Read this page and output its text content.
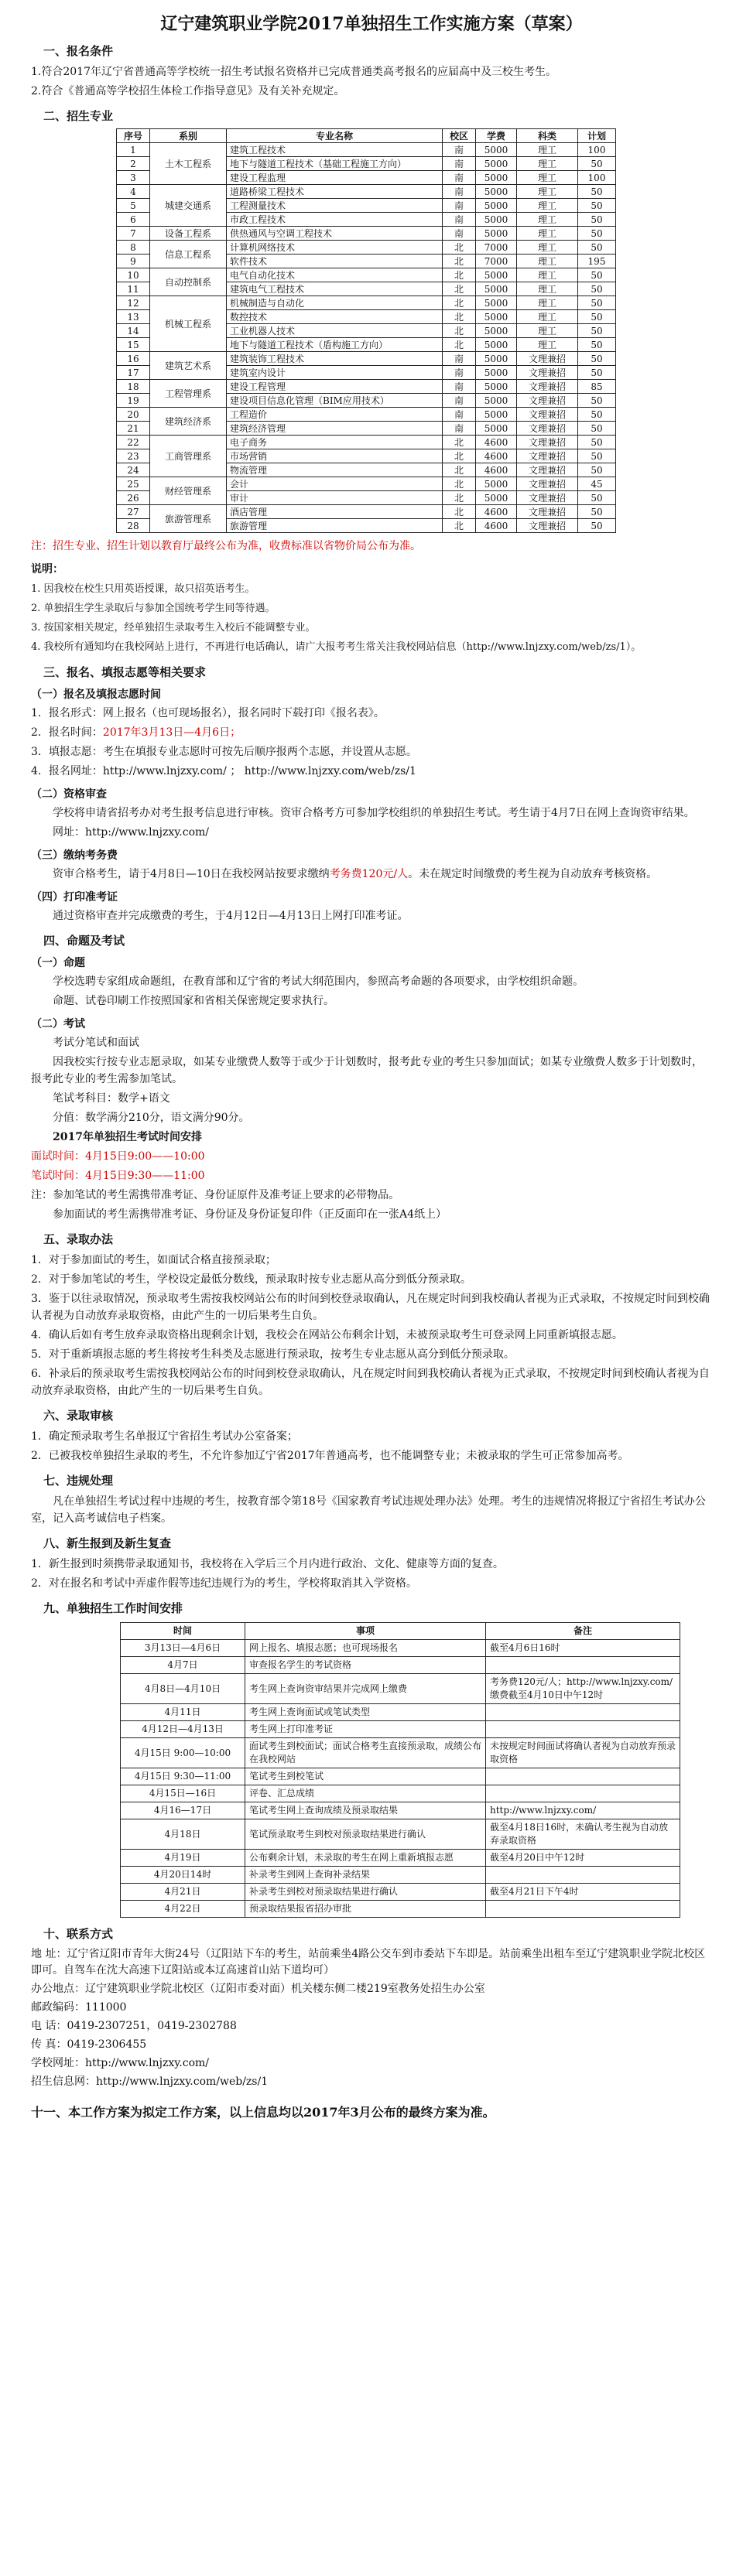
辽宁建筑职业学院2017单独招生工作实施方案（草案）
一、报名条件

1.符合2017年辽宁省普通高等学校统一招生考试报名资格并已完成普通类高考报名的应届高中及三校生考生。

2.符合《普通高等学校招生体检工作指导意见》及有关补充规定。

二、招生专业
序号	系别	专业名称	校区	学费	科类	计划
1	土木工程系	建筑工程技术	南	5000	理工	100
2		地下与隧道工程技术（基础工程施工方向）	南	5000	理工	50
3		建设工程监理	南	5000	理工	100
4	城建交通系	道路桥梁工程技术	南	5000	理工	50
5		工程测量技术	南	5000	理工	50
6		市政工程技术	南	5000	理工	50
7	设备工程系	供热通风与空调工程技术	南	5000	理工	50
8	信息工程系	计算机网络技术	北	7000	理工	50
9		软件技术	北	7000	理工	195
10	自动控制系	电气自动化技术	北	5000	理工	50
11		建筑电气工程技术	北	5000	理工	50
12	机械工程系	机械制造与自动化	北	5000	理工	50
13		数控技术	北	5000	理工	50
14		工业机器人技术	北	5000	理工	50
15		地下与隧道工程技术（盾构施工方向）	北	5000	理工	50
16	建筑艺术系	建筑装饰工程技术	南	5000	文理兼招	50
17		建筑室内设计	南	5000	文理兼招	50
18	工程管理系	建设工程管理	南	5000	文理兼招	85
19		建设项目信息化管理（BIM应用技术）	南	5000	文理兼招	50
20	建筑经济系	工程造价	南	5000	文理兼招	50
21		建筑经济管理	南	5000	文理兼招	50
22	工商管理系	电子商务	北	4600	文理兼招	50
23		市场营销	北	4600	文理兼招	50
24		物流管理	北	4600	文理兼招	50
25	财经管理系	会计	北	5000	文理兼招	45
26		审计	北	5000	文理兼招	50
27	旅游管理系	酒店管理	北	4600	文理兼招	50
28		旅游管理	北	4600	文理兼招	50

注：招生专业、招生计划以教育厅最终公布为准，收费标准以省物价局公布为准。

说明：

1. 因我校在校生只用英语授课，故只招英语考生。

2. 单独招生学生录取后与参加全国统考学生同等待遇。

3. 按国家相关规定，经单独招生录取考生入校后不能调整专业。

4. 我校所有通知均在我校网站上进行，不再进行电话确认，请广大报考考生常关注我校网站信息（http://www.lnjzxy.com/web/zs/1）。

三、报名、填报志愿等相关要求
（一）报名及填报志愿时间

1．报名形式：网上报名（也可现场报名），报名同时下载打印《报名表》。

2．报名时间：2017年3月13日—4月6日；

3．填报志愿：考生在填报专业志愿时可按先后顺序报两个志愿，并设置从志愿。

4．报名网址：http://www.lnjzxy.com/ ； http://www.lnjzxy.com/web/zs/1

（二）资格审查

学校将申请省招考办对考生报考信息进行审核。资审合格考方可参加学校组织的单独招生考试。考生请于4月7日在网上查询资审结果。

网址：http://www.lnjzxy.com/

（三）缴纳考务费

资审合格考生，请于4月8日—10日在我校网站按要求缴纳考务费120元/人。未在规定时间缴费的考生视为自动放弃考核资格。

（四）打印准考证

通过资格审查并完成缴费的考生，于4月12日—4月13日上网打印准考证。

四、命题及考试
（一）命题

学校选聘专家组成命题组，在教育部和辽宁省的考试大纲范围内，参照高考命题的各项要求，由学校组织命题。

命题、试卷印刷工作按照国家和省相关保密规定要求执行。

（二）考试

考试分笔试和面试

因我校实行按专业志愿录取，如某专业缴费人数等于或少于计划数时，报考此专业的考生只参加面试；如某专业缴费人数多于计划数时，报考此专业的考生需参加笔试。

笔试考科目：数学+语文

分值：数学满分210分，语文满分90分。

2017年单独招生考试时间安排

面试时间：4月15日9:00——10:00

笔试时间：4月15日9:30——11:00

注：参加笔试的考生需携带准考证、身份证原件及准考证上要求的必带物品。

参加面试的考生需携带准考证、身份证及身份证复印件（正反面印在一张A4纸上）

五、录取办法

1．对于参加面试的考生，如面试合格直接预录取；

2．对于参加笔试的考生，学校设定最低分数线，预录取时按专业志愿从高分到低分预录取。

3．鉴于以往录取情况，预录取考生需按我校网站公布的时间到校登录取确认，凡在规定时间到我校确认者视为正式录取，不按规定时间到校确认者视为自动放弃录取资格，由此产生的一切后果考生自负。

4．确认后如有考生放弃录取资格出现剩余计划，我校会在网站公布剩余计划，未被预录取考生可登录网上同重新填报志愿。

5．对于重新填报志愿的考生将按考生科类及志愿进行预录取，按考生专业志愿从高分到低分预录取。

6．补录后的预录取考生需按我校网站公布的时间到校登录取确认，凡在规定时间到我校确认者视为正式录取，不按规定时间到校确认者视为自动放弃录取资格，由此产生的一切后果考生自负。

六、录取审核

1．确定预录取考生名单报辽宁省招生考试办公室备案；

2．已被我校单独招生录取的考生，不允许参加辽宁省2017年普通高考，也不能调整专业；未被录取的学生可正常参加高考。

七、违规处理

凡在单独招生考试过程中违规的考生，按教育部令第18号《国家教育考试违规处理办法》处理。考生的违规情况将报辽宁省招生考试办公室，记入高考诚信电子档案。

八、新生报到及新生复查

1．新生报到时须携带录取通知书，我校将在入学后三个月内进行政治、文化、健康等方面的复查。

2．对在报名和考试中弄虚作假等违纪违规行为的考生，学校将取消其入学资格。

九、单独招生工作时间安排
时间	事项	备注
3月13日—4月6日	网上报名、填报志愿；也可现场报名	截至4月6日16时
4月7日	审查报名学生的考试资格	
4月8日—4月10日	考生网上查询资审结果并完成网上缴费	考务费120元/人；http://www.lnjzxy.com/ 缴费截至4月10日中午12时
4月11日	考生网上查询面试或笔试类型	
4月12日—4月13日	考生网上打印准考证	
4月15日 9:00—10:00	面试考生到校面试；面试合格考生直接预录取，成绩公布在我校网站	未按规定时间面试将确认者视为自动放弃预录取资格
4月15日 9:30—11:00	笔试考生到校笔试	
4月15日—16日	评卷、汇总成绩	
4月16—17日	笔试考生网上查询成绩及预录取结果	http://www.lnjzxy.com/
4月18日	笔试预录取考生到校对预录取结果进行确认	截至4月18日16时，未确认考生视为自动放弃录取资格
4月19日	公布剩余计划，未录取的考生在网上重新填报志愿	截至4月20日中午12时
4月20日14时	补录考生到网上查询补录结果	
4月21日	补录考生到校对预录取结果进行确认	截至4月21日下午4时
4月22日	预录取结果报省招办审批	
十、联系方式

地 址：辽宁省辽阳市青年大街24号（辽阳站下车的考生，站前乘坐4路公交车到市委站下车即是。站前乘坐出租车至辽宁建筑职业学院北校区即可。自驾车在沈大高速下辽阳站或本辽高速首山站下道均可）

办公地点：辽宁建筑职业学院北校区（辽阳市委对面）机关楼东侧二楼219室教务处招生办公室

邮政编码：111000

电 话：0419-2307251，0419-2302788

传 真：0419-2306455

学校网址：http://www.lnjzxy.com/

招生信息网：http://www.lnjzxy.com/web/zs/1

十一、本工作方案为拟定工作方案，以上信息均以2017年3月公布的最终方案为准。
